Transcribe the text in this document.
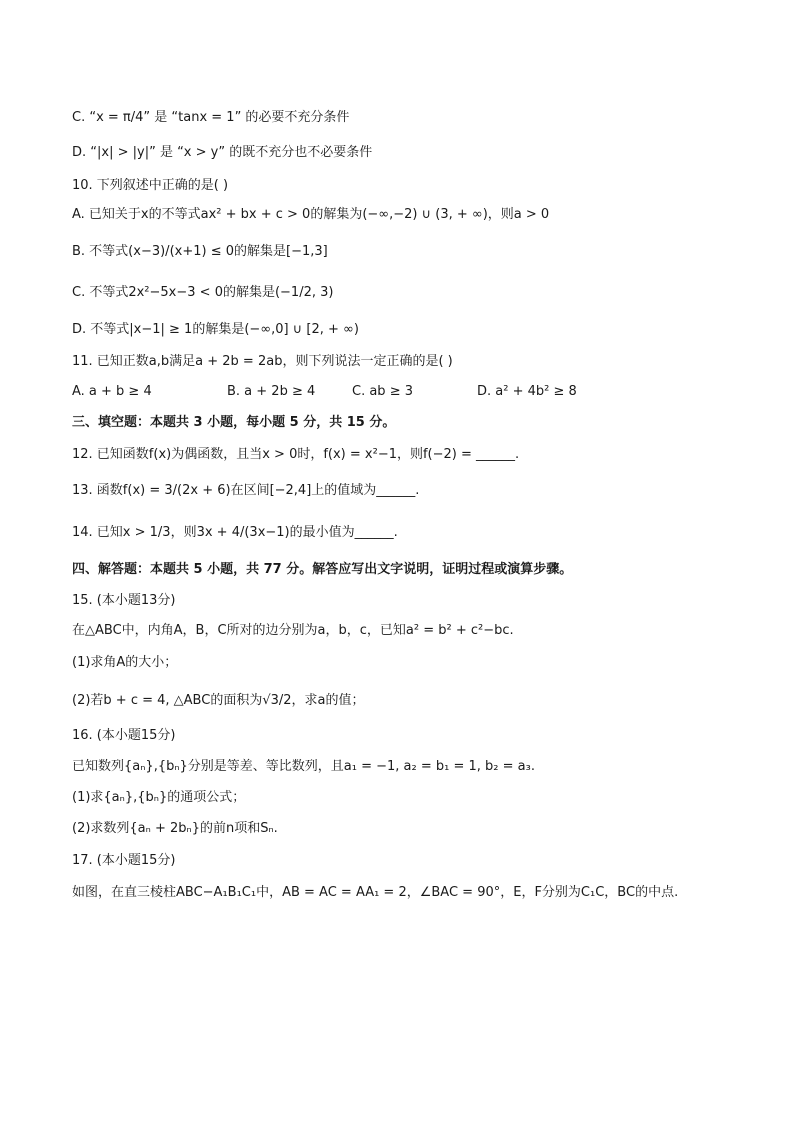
C. “x = π/4” 是 “tanx = 1” 的必要不充分条件
D. “|x| > |y|” 是 “x > y” 的既不充分也不必要条件
10. 下列叙述中正确的是( )
A. 已知关于x的不等式ax² + bx + c > 0的解集为(−∞,−2) ∪ (3, + ∞)，则a > 0
B. 不等式(x−3)/(x+1) ≤ 0的解集是[−1,3]
C. 不等式2x²−5x−3 < 0的解集是(−1/2, 3)
D. 不等式|x−1| ≥ 1的解集是(−∞,0] ∪ [2, + ∞)
11. 已知正数a,b满足a + 2b = 2ab，则下列说法一定正确的是( )
A. a + b ≥ 4	B. a + 2b ≥ 4	C. ab ≥ 3	D. a² + 4b² ≥ 8
三、填空题：本题共 3 小题，每小题 5 分，共 15 分。
12. 已知函数f(x)为偶函数，且当x > 0时，f(x) = x²−1，则f(−2) = ______.
13. 函数f(x) = 3/(2x + 6)在区间[−2,4]上的值域为______.
14. 已知x > 1/3，则3x + 4/(3x−1)的最小值为______.
四、解答题：本题共 5 小题，共 77 分。解答应写出文字说明，证明过程或演算步骤。
15. (本小题13分)
在△ABC中，内角A，B，C所对的边分别为a，b，c，已知a² = b² + c²−bc.
(1)求角A的大小；
(2)若b + c = 4, △ABC的面积为√3/2，求a的值；
16. (本小题15分)
已知数列{aₙ},{bₙ}分别是等差、等比数列，且a₁ = −1, a₂ = b₁ = 1, b₂ = a₃.
(1)求{aₙ},{bₙ}的通项公式；
(2)求数列{aₙ + 2bₙ}的前n项和Sₙ.
17. (本小题15分)
如图，在直三棱柱ABC−A₁B₁C₁中，AB = AC = AA₁ = 2，∠BAC = 90°，E，F分别为C₁C，BC的中点.
